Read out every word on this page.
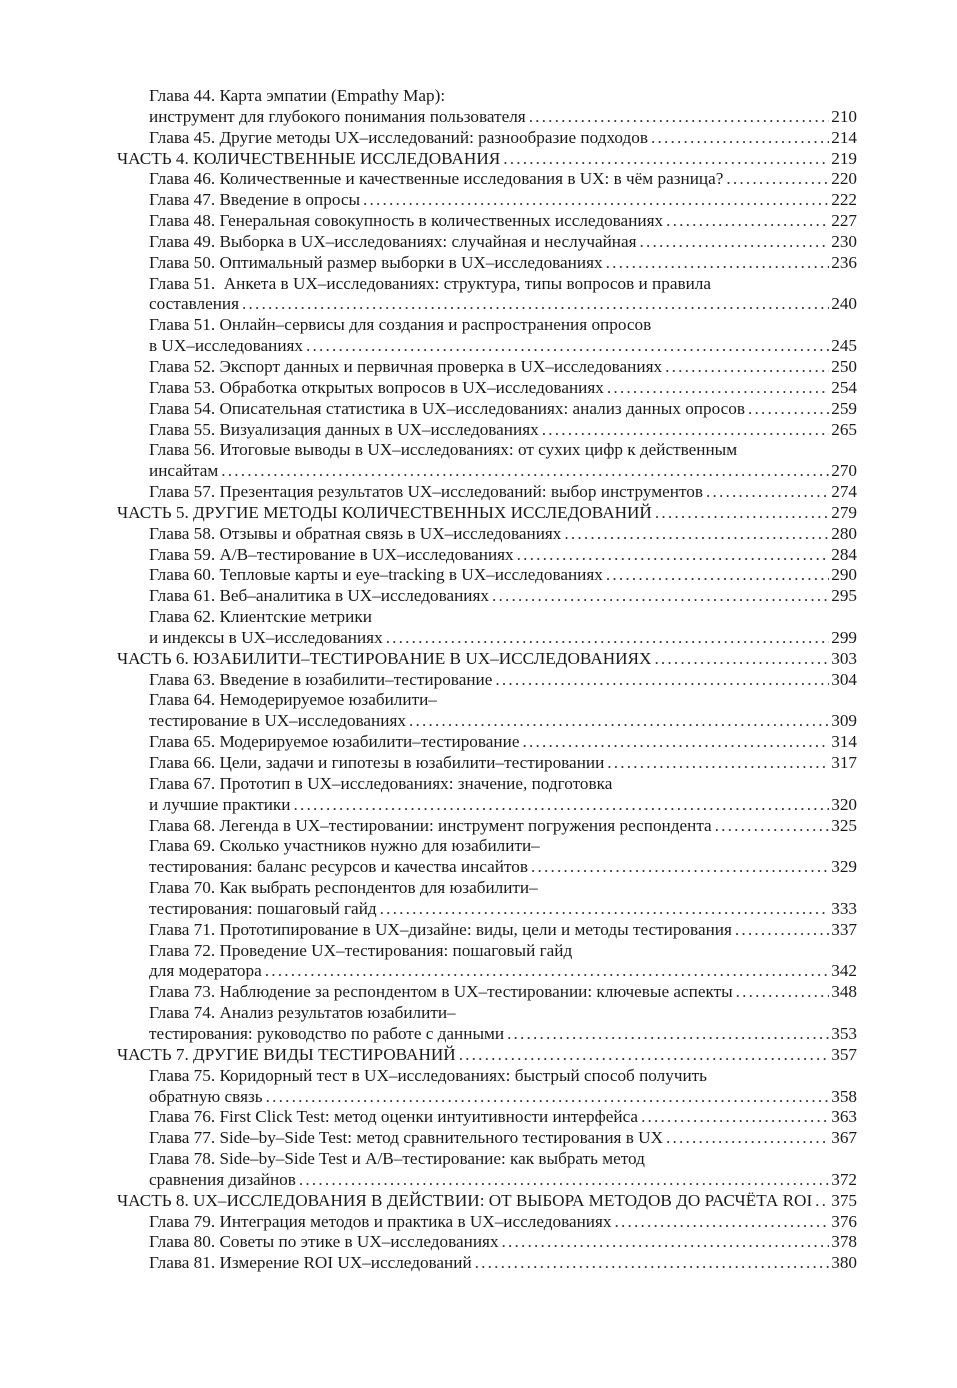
Глава 44. Карта эмпатии (Empathy Map):
инструмент для глубокого понимания пользователя .....	210
Глава 45. Другие методы UX–исследований: разнообразие подходов .....	214
ЧАСТЬ 4. КОЛИЧЕСТВЕННЫЕ ИССЛЕДОВАНИЯ .....	219
Глава 46. Количественные и качественные исследования в UX: в чём разница? .....	220
Глава 47. Введение в опросы .....	222
Глава 48. Генеральная совокупность в количественных исследованиях .....	227
Глава 49. Выборка в UX–исследованиях: случайная и неслучайная .....	230
Глава 50. Оптимальный размер выборки в UX–исследованиях .....	236
Глава 51.  Анкета в UX–исследованиях: структура, типы вопросов и правила
составления .....	240
Глава 51. Онлайн–сервисы для создания и распространения опросов
в UX–исследованиях .....	245
Глава 52. Экспорт данных и первичная проверка в UX–исследованиях .....	250
Глава 53. Обработка открытых вопросов в UX–исследованиях .....	254
Глава 54. Описательная статистика в UX–исследованиях: анализ данных опросов .....	259
Глава 55. Визуализация данных в UX–исследованиях .....	265
Глава 56. Итоговые выводы в UX–исследованиях: от сухих цифр к действенным
инсайтам .....	270
Глава 57. Презентация результатов UX–исследований: выбор инструментов .....	274
ЧАСТЬ 5. ДРУГИЕ МЕТОДЫ КОЛИЧЕСТВЕННЫХ ИССЛЕДОВАНИЙ .....	279
Глава 58. Отзывы и обратная связь в UX–исследованиях .....	280
Глава 59. A/B–тестирование в UX–исследованиях .....	284
Глава 60. Тепловые карты и eye–tracking в UX–исследованиях .....	290
Глава 61. Веб–аналитика в UX–исследованиях .....	295
Глава 62. Клиентские метрики
и индексы в UX–исследованиях .....	299
ЧАСТЬ 6. ЮЗАБИЛИТИ–ТЕСТИРОВАНИЕ В UX–ИССЛЕДОВАНИЯХ .....	303
Глава 63. Введение в юзабилити–тестирование .....	304
Глава 64. Немодерируемое юзабилити–
тестирование в UX–исследованиях .....	309
Глава 65. Модерируемое юзабилити–тестирование .....	314
Глава 66. Цели, задачи и гипотезы в юзабилити–тестировании .....	317
Глава 67. Прототип в UX–исследованиях: значение, подготовка
и лучшие практики .....	320
Глава 68. Легенда в UX–тестировании: инструмент погружения респондента .....	325
Глава 69. Сколько участников нужно для юзабилити–
тестирования: баланс ресурсов и качества инсайтов .....	329
Глава 70. Как выбрать респондентов для юзабилити–
тестирования: пошаговый гайд .....	333
Глава 71. Прототипирование в UX–дизайне: виды, цели и методы тестирования .....	337
Глава 72. Проведение UX–тестирования: пошаговый гайд
для модератора .....	342
Глава 73. Наблюдение за респондентом в UX–тестировании: ключевые аспекты .....	348
Глава 74. Анализ результатов юзабилити–
тестирования: руководство по работе с данными .....	353
ЧАСТЬ 7. ДРУГИЕ ВИДЫ ТЕСТИРОВАНИЙ .....	357
Глава 75. Коридорный тест в UX–исследованиях: быстрый способ получить
обратную связь .....	358
Глава 76. First Click Test: метод оценки интуитивности интерфейса .....	363
Глава 77. Side–by–Side Test: метод сравнительного тестирования в UX .....	367
Глава 78. Side–by–Side Test и A/B–тестирование: как выбрать метод
сравнения дизайнов .....	372
ЧАСТЬ 8. UX–ИССЛЕДОВАНИЯ В ДЕЙСТВИИ: ОТ ВЫБОРА МЕТОДОВ ДО РАСЧЁТА ROI ..... 375
Глава 79. Интеграция методов и практика в UX–исследованиях .....	376
Глава 80. Советы по этике в UX–исследованиях .....	378
Глава 81. Измерение ROI UX–исследований .....	380
